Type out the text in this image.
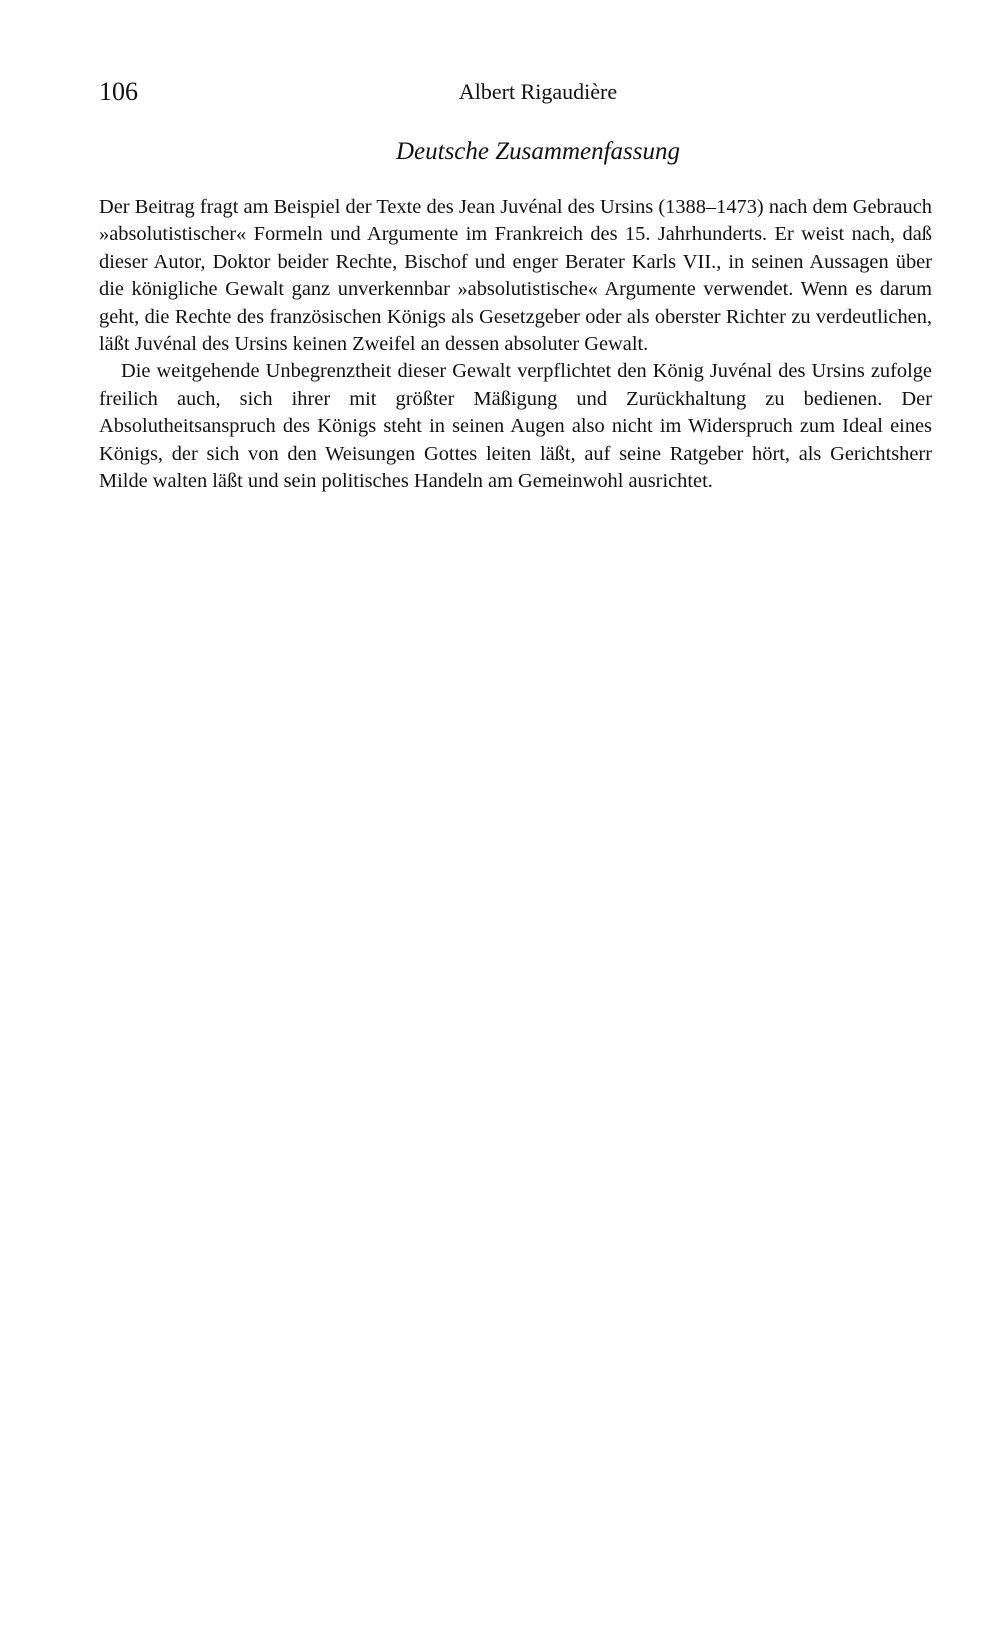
106	Albert Rigaudière
Deutsche Zusammenfassung

Der Beitrag fragt am Beispiel der Texte des Jean Juvénal des Ursins (1388–1473) nach dem Gebrauch »absolutistischer« Formeln und Argumente im Frankreich des 15. Jahrhunderts. Er weist nach, daß dieser Autor, Doktor beider Rechte, Bischof und enger Berater Karls VII., in seinen Aussagen über die königliche Gewalt ganz unverkennbar »absolutistische« Argumente verwendet. Wenn es darum geht, die Rechte des französischen Königs als Gesetzgeber oder als oberster Richter zu verdeutlichen, läßt Juvénal des Ursins keinen Zweifel an dessen absoluter Gewalt.

Die weitgehende Unbegrenztheit dieser Gewalt verpflichtet den König Juvénal des Ursins zufolge freilich auch, sich ihrer mit größter Mäßigung und Zurückhaltung zu bedienen. Der Absolutheitsanspruch des Königs steht in seinen Augen also nicht im Widerspruch zum Ideal eines Königs, der sich von den Weisungen Gottes leiten läßt, auf seine Ratgeber hört, als Gerichtsherr Milde walten läßt und sein politisches Handeln am Gemeinwohl ausrichtet.
